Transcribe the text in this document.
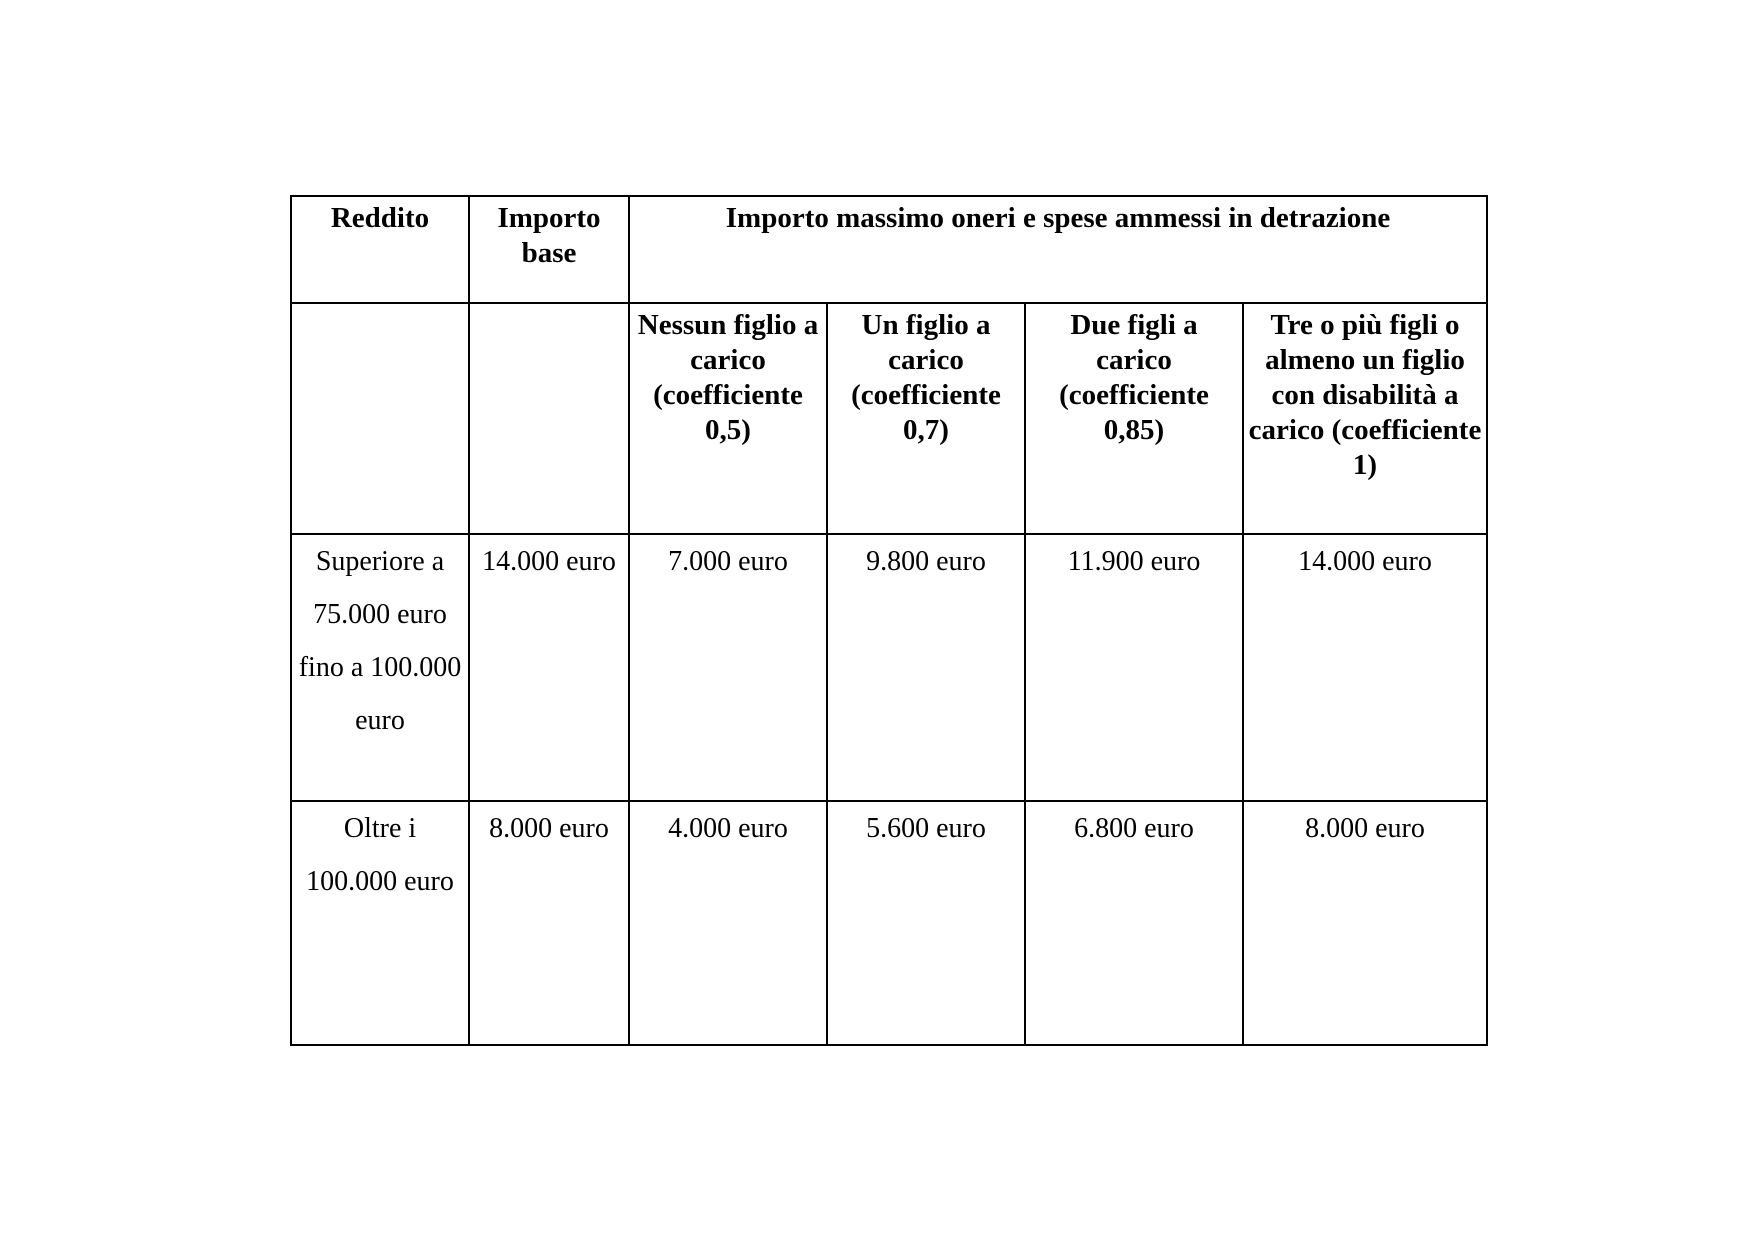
Reddito	Importo base	Importo massimo oneri e spese ammessi in detrazione			
		Nessun figlio a carico (coefficiente 0,5)	Un figlio a carico (coefficiente 0,7)	Due figli a carico (coefficiente 0,85)	Tre o più figli o almeno un figlio con disabilità a carico (coefficiente 1)
Superiore a 75.000 euro fino a 100.000 euro	14.000 euro	7.000 euro	9.800 euro	11.900 euro	14.000 euro
Oltre i 100.000 euro	8.000 euro	4.000 euro	5.600 euro	6.800 euro	8.000 euro
